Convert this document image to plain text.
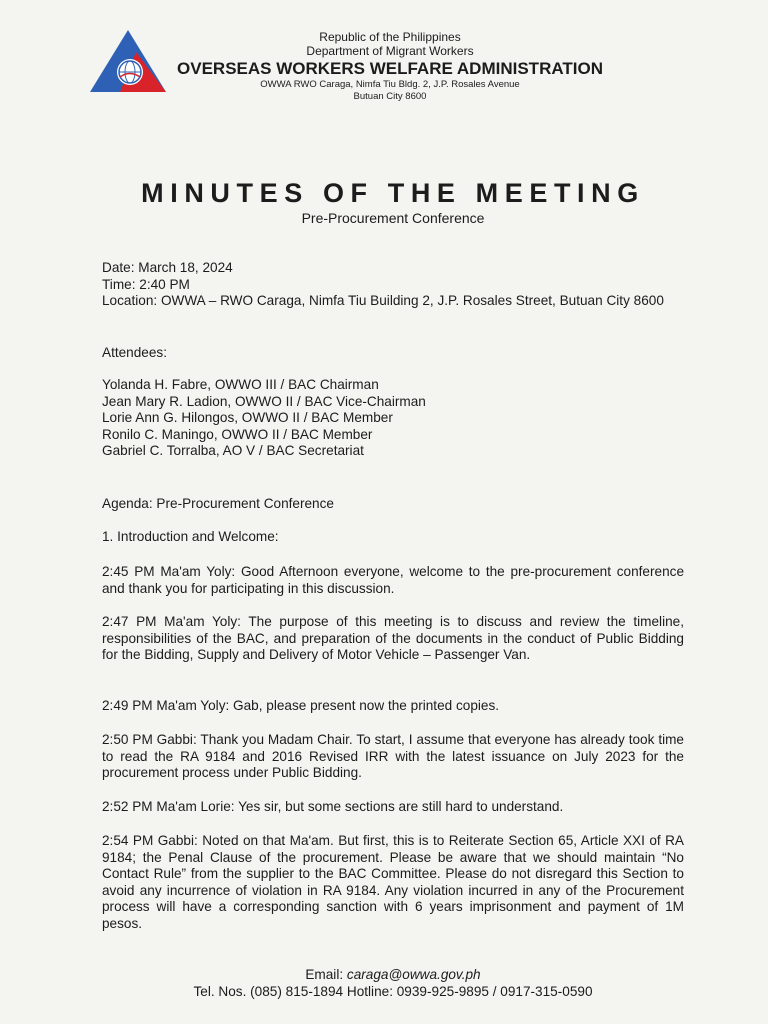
Republic of the Philippines
Department of Migrant Workers
OVERSEAS WORKERS WELFARE ADMINISTRATION
OWWA RWO Caraga, Nimfa Tiu Bldg. 2, J.P. Rosales Avenue
Butuan City 8600
MINUTES OF THE MEETING
Pre-Procurement Conference
Date: March 18, 2024
Time: 2:40 PM
Location: OWWA – RWO Caraga, Nimfa Tiu Building 2, J.P. Rosales Street, Butuan City 8600
Attendees:
Yolanda H. Fabre, OWWO III / BAC Chairman
Jean Mary R. Ladion, OWWO II / BAC Vice-Chairman
Lorie Ann G. Hilongos, OWWO II / BAC Member
Ronilo C. Maningo, OWWO II / BAC Member
Gabriel C. Torralba, AO V / BAC Secretariat
Agenda: Pre-Procurement Conference
1. Introduction and Welcome:
2:45 PM Ma'am Yoly: Good Afternoon everyone, welcome to the pre-procurement conference and thank you for participating in this discussion.
2:47 PM Ma'am Yoly: The purpose of this meeting is to discuss and review the timeline, responsibilities of the BAC, and preparation of the documents in the conduct of Public Bidding for the Bidding, Supply and Delivery of Motor Vehicle – Passenger Van.
2:49 PM Ma'am Yoly: Gab, please present now the printed copies.
2:50 PM Gabbi: Thank you Madam Chair. To start, I assume that everyone has already took time to read the RA 9184 and 2016 Revised IRR with the latest issuance on July 2023 for the procurement process under Public Bidding.
2:52 PM Ma'am Lorie: Yes sir, but some sections are still hard to understand.
2:54 PM Gabbi: Noted on that Ma'am. But first, this is to Reiterate Section 65, Article XXI of RA 9184; the Penal Clause of the procurement. Please be aware that we should maintain “No Contact Rule” from the supplier to the BAC Committee. Please do not disregard this Section to avoid any incurrence of violation in RA 9184. Any violation incurred in any of the Procurement process will have a corresponding sanction with 6 years imprisonment and payment of 1M pesos.
Email: caraga@owwa.gov.ph
Tel. Nos. (085) 815-1894 Hotline: 0939-925-9895 / 0917-315-0590
